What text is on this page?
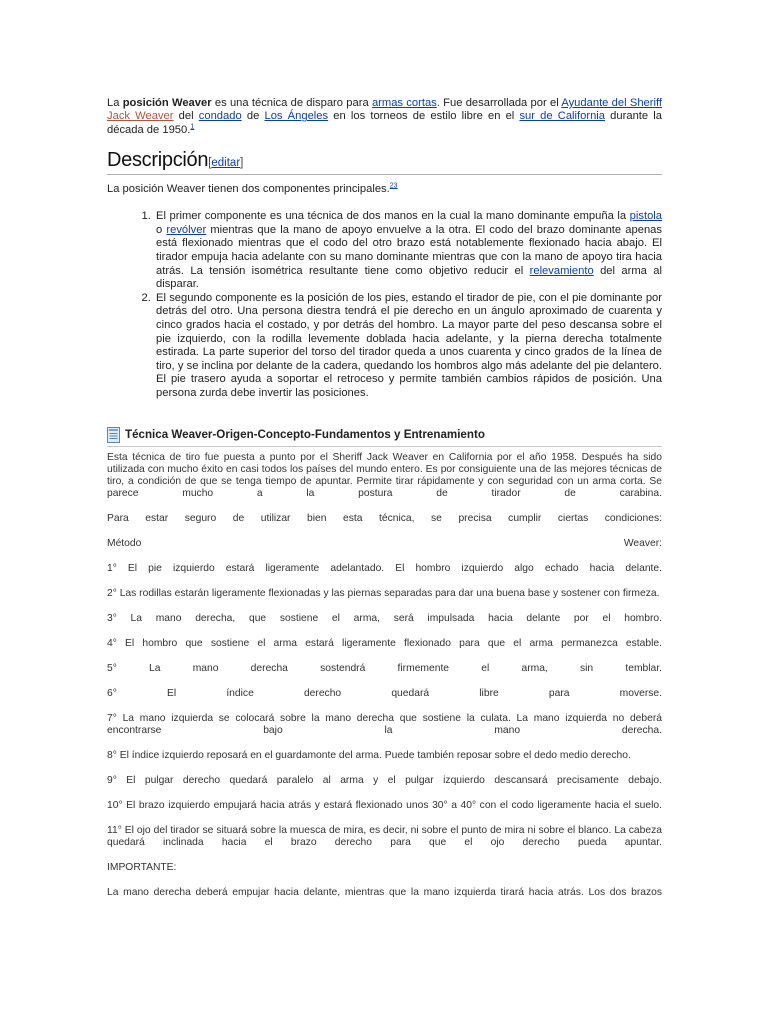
La posición Weaver es una técnica de disparo para armas cortas. Fue desarrollada por el Ayudante del Sheriff Jack Weaver del condado de Los Ángeles en los torneos de estilo libre en el sur de California durante la década de 1950.$^1$

Descripción[editar]

La posición Weaver tienen dos componentes principales.$^{23}$

1. El primer componente es una técnica de dos manos en la cual la mano dominante empuña la pistola o revólver mientras que la mano de apoyo envuelve a la otra. El codo del brazo dominante apenas está flexionado mientras que el codo del otro brazo está notablemente flexionado hacia abajo. El tirador empuja hacia adelante con su mano dominante mientras que con la mano de apoyo tira hacia atrás. La tensión isométrica resultante tiene como objetivo reducir el relevamiento del arma al disparar.
2. El segundo componente es la posición de los pies, estando el tirador de pie, con el pie dominante por detrás del otro. Una persona diestra tendrá el pie derecho en un ángulo aproximado de cuarenta y cinco grados hacia el costado, y por detrás del hombro. La mayor parte del peso descansa sobre el pie izquierdo, con la rodilla levemente doblada hacia adelante, y la pierna derecha totalmente estirada. La parte superior del torso del tirador queda a unos cuarenta y cinco grados de la línea de tiro, y se inclina por delante de la cadera, quedando los hombros algo más adelante del pie delantero. El pie trasero ayuda a soportar el retroceso y permite también cambios rápidos de posición. Una persona zurda debe invertir las posiciones.
Técnica Weaver-Origen-Concepto-Fundamentos y Entrenamiento

Esta técnica de tiro fue puesta a punto por el Sheriff Jack Weaver en California por el año 1958. Después ha sido utilizada con mucho éxito en casi todos los países del mundo entero. Es por consiguiente una de las mejores técnicas de tiro, a condición de que se tenga tiempo de apuntar. Permite tirar rápidamente y con seguridad con un arma corta. Se parece mucho a la postura de tirador de carabina.

Para estar seguro de utilizar bien esta técnica, se precisa cumplir ciertas condiciones:

Método	Weaver:

1° El pie izquierdo estará ligeramente adelantado. El hombro izquierdo algo echado hacia delante.

2° Las rodillas estarán ligeramente flexionadas y las piernas separadas para dar una buena base y sostener con firmeza.

3° La mano derecha, que sostiene el arma, será impulsada hacia delante por el hombro.

4° El hombro que sostiene el arma estará ligeramente flexionado para que el arma permanezca estable.

5° La mano derecha sostendrá firmemente el arma, sin temblar.

6° El índice derecho quedará libre para moverse.

7° La mano izquierda se colocará sobre la mano derecha que sostiene la culata. La mano izquierda no deberá encontrarse bajo la mano derecha.

8° El índice izquierdo reposará en el guardamonte del arma. Puede también reposar sobre el dedo medio derecho.

9° El pulgar derecho quedará paralelo al arma y el pulgar izquierdo descansará precisamente debajo.

10° El brazo izquierdo empujará hacia atrás y estará flexionado unos 30° a 40° con el codo ligeramente hacia el suelo.

11° El ojo del tirador se situará sobre la muesca de mira, es decir, ni sobre el punto de mira ni sobre el blanco. La cabeza quedará inclinada hacia el brazo derecho para que el ojo derecho pueda apuntar.

IMPORTANTE:

La mano derecha deberá empujar hacia delante, mientras que la mano izquierda tirará hacia atrás. Los dos brazos
